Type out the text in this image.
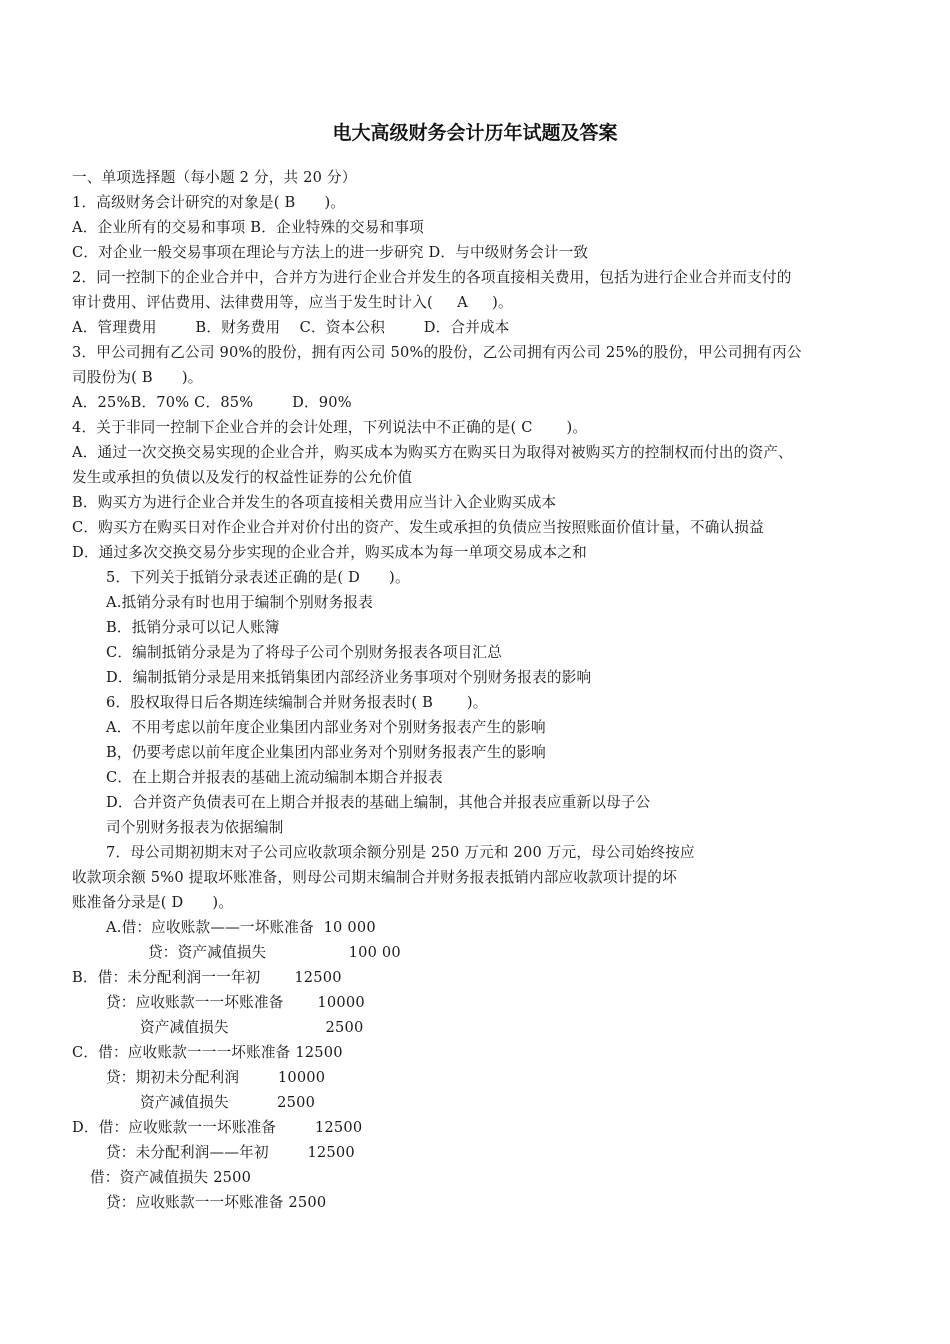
电大高级财务会计历年试题及答案
一、单项选择题（每小题 2 分，共 20 分）
1．高级财务会计研究的对象是( B      )。
A．企业所有的交易和事项 B．企业特殊的交易和事项
C．对企业一般交易事项在理论与方法上的进一步研究 D．与中级财务会计一致
2．同一控制下的企业合并中，合并方为进行企业合并发生的各项直接相关费用，包括为进行企业合并而支付的
审计费用、评估费用、法律费用等，应当于发生时计入(     A     )。
A．管理费用        B．财务费用    C．资本公积        D．合并成本
3．甲公司拥有乙公司 90%的股份，拥有丙公司 50%的股份，乙公司拥有丙公司 25%的股份，甲公司拥有丙公
司股份为( B      )。
A．25%B．70% C．85%        D．90%
4．关于非同一控制下企业合并的会计处理，下列说法中不正确的是( C       )。
A．通过一次交换交易实现的企业合并，购买成本为购买方在购买日为取得对被购买方的控制权而付出的资产、
发生或承担的负债以及发行的权益性证券的公允价值
B．购买方为进行企业合并发生的各项直接相关费用应当计入企业购买成本
C．购买方在购买日对作企业合并对价付出的资产、发生或承担的负债应当按照账面价值计量，不确认损益
D．通过多次交换交易分步实现的企业合并，购买成本为每一单项交易成本之和
5．下列关于抵销分录表述正确的是( D      )。
A.抵销分录有时也用于编制个别财务报表
B．抵销分录可以记人账簿
C．编制抵销分录是为了将母子公司个别财务报表各项目汇总
D．编制抵销分录是用来抵销集团内部经济业务事项对个别财务报表的影响
6．股权取得日后各期连续编制合并财务报表时( B       )。
A．不用考虑以前年度企业集团内部业务对个别财务报表产生的影响
B，仍要考虑以前年度企业集团内部业务对个别财务报表产生的影响
C．在上期合并报表的基础上流动编制本期合并报表
D．合并资产负债表可在上期合并报表的基础上编制，其他合并报表应重新以母子公
司个别财务报表为依据编制
7．母公司期初期末对子公司应收款项余额分别是 250 万元和 200 万元，母公司始终按应
收款项余额 5%0 提取坏账准备，则母公司期末编制合并财务报表抵销内部应收款项计提的坏
账准备分录是( D      )。
A.借：应收账款——一坏账准备  10 000
贷：资产减值损失                 100 00
B．借：未分配利润一一年初       12500
贷：应收账款一一坏账准备       10000
资产减值损失                    2500
C．借：应收账款一一一坏账准备 12500
贷：期初未分配利润        10000
资产减值损失          2500
D．借：应收账款一一坏账准备        12500
贷：未分配利润——年初        12500
借：资产减值损失 2500
贷：应收账款一一坏账准备 2500
